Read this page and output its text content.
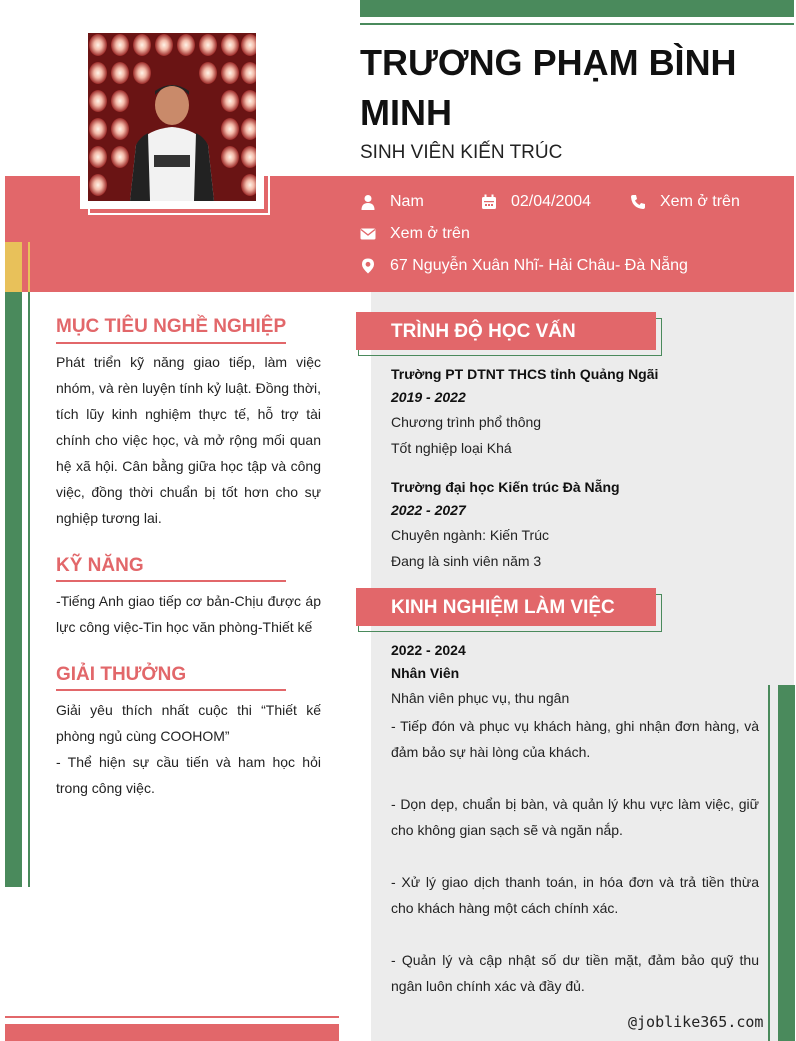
TRƯƠNG PHẠM BÌNH MINH
SINH VIÊN KIẾN TRÚC
Nam	02/04/2004	Xem ở trên
Xem ở trên
67 Nguyễn Xuân Nhĩ- Hải Châu- Đà Nẵng
MỤC TIÊU NGHỀ NGHIỆP
Phát triển kỹ năng giao tiếp, làm việc nhóm, và rèn luyện tính kỷ luật. Đồng thời, tích lũy kinh nghiệm thực tế, hỗ trợ tài chính cho việc học, và mở rộng mối quan hệ xã hội. Cân bằng giữa học tập và công việc, đồng thời chuẩn bị tốt hơn cho sự nghiệp tương lai.
KỸ NĂNG
-Tiếng Anh giao tiếp cơ bản-Chịu được áp lực công việc-Tin học văn phòng-Thiết kế
GIẢI THƯỞNG
Giải yêu thích nhất cuộc thi “Thiết kế phòng ngủ cùng COOHOM”
- Thể hiện sự cầu tiến và ham học hỏi trong công việc.
TRÌNH ĐỘ HỌC VẤN
Trường PT DTNT THCS tỉnh Quảng Ngãi
2019 - 2022
Chương trình phổ thông
Tốt nghiệp loại Khá
Trường đại học Kiến trúc Đà Nẵng
2022 - 2027
Chuyên ngành: Kiến Trúc
Đang là sinh viên năm 3
KINH NGHIỆM LÀM VIỆC
2022 - 2024
Nhân Viên
Nhân viên phục vụ, thu ngân

- Tiếp đón và phục vụ khách hàng, ghi nhận đơn hàng, và đảm bảo sự hài lòng của khách.

- Dọn dẹp, chuẩn bị bàn, và quản lý khu vực làm việc, giữ cho không gian sạch sẽ và ngăn nắp.

- Xử lý giao dịch thanh toán, in hóa đơn và trả tiền thừa cho khách hàng một cách chính xác.

- Quản lý và cập nhật số dư tiền mặt, đảm bảo quỹ thu ngân luôn chính xác và đầy đủ.

@joblike365.com
